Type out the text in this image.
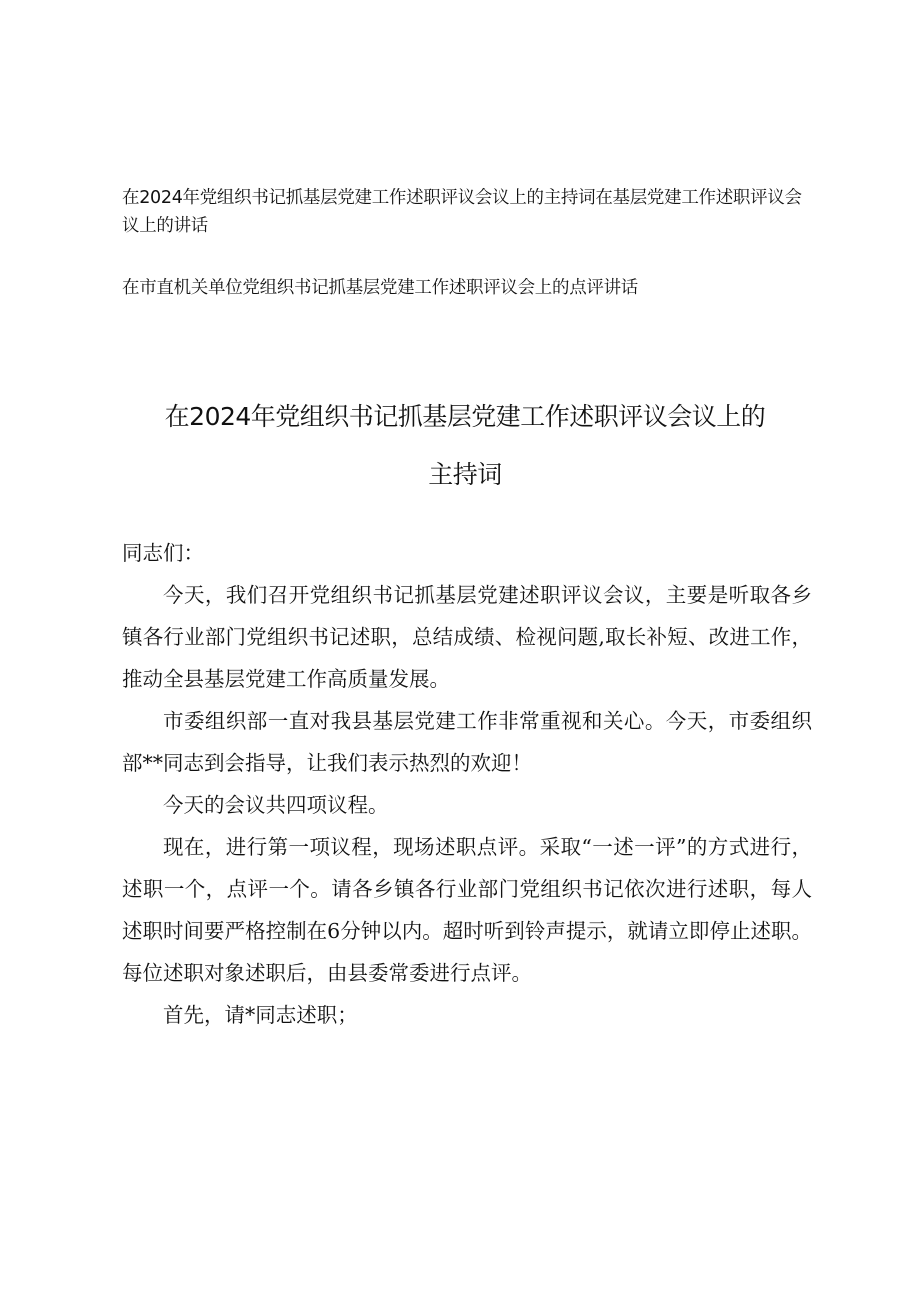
在2024年党组织书记抓基层党建工作述职评议会议上的主持词在基层党建工作述职评议会议上的讲话

在市直机关单位党组织书记抓基层党建工作述职评议会上的点评讲话

在2024年党组织书记抓基层党建工作述职评议会议上的
主持词

同志们：

今天，我们召开党组织书记抓基层党建述职评议会议，主要是听取各乡镇各行业部门党组织书记述职，总结成绩、检视问题,取长补短、改进工作，推动全县基层党建工作高质量发展。

市委组织部一直对我县基层党建工作非常重视和关心。今天，市委组织部**同志到会指导，让我们表示热烈的欢迎！

今天的会议共四项议程。

现在，进行第一项议程，现场述职点评。采取“一述一评”的方式进行，述职一个，点评一个。请各乡镇各行业部门党组织书记依次进行述职，每人述职时间要严格控制在6分钟以内。超时听到铃声提示，就请立即停止述职。每位述职对象述职后，由县委常委进行点评。

首先，请*同志述职；
